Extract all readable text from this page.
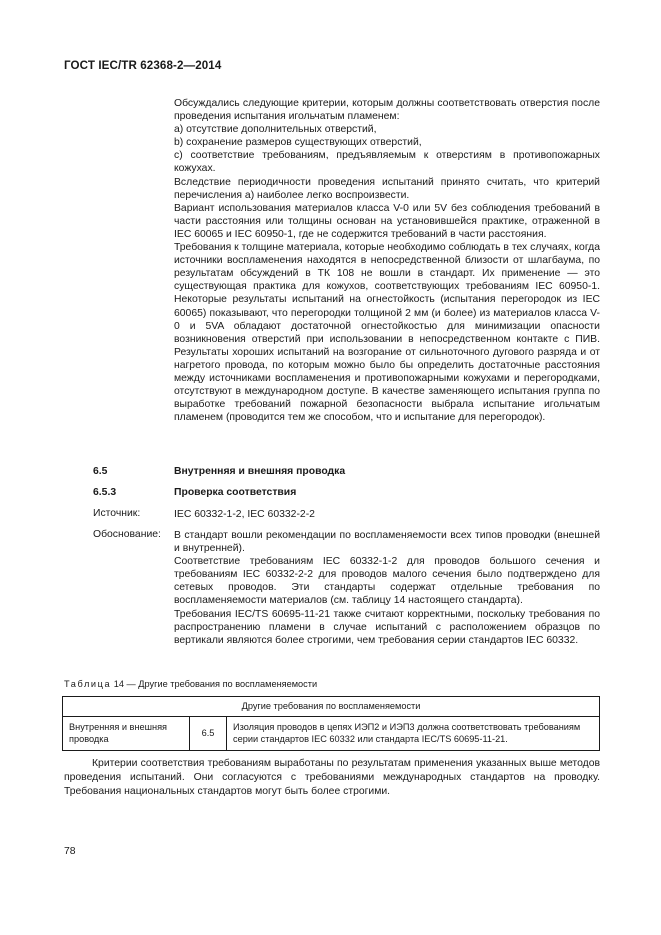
ГОСТ IEC/TR 62368-2—2014

Обсуждались следующие критерии, которым должны соответствовать отверстия после проведения испытания игольчатым пламенем:

a) отсутствие дополнительных отверстий,

b) сохранение размеров существующих отверстий,

c) соответствие требованиям, предъявляемым к отверстиям в противопожарных кожухах.

Вследствие периодичности проведения испытаний принято считать, что критерий перечисления a) наиболее легко воспроизвести.

Вариант использования материалов класса V-0 или 5V без соблюдения требований в части расстояния или толщины основан на установившейся практике, отраженной в IEC 60065 и IEC 60950-1, где не содержится требований в части расстояния.

Требования к толщине материала, которые необходимо соблюдать в тех случаях, когда источники воспламенения находятся в непосредственной близости от шлагбаума, по результатам обсуждений в ТК 108 не вошли в стандарт. Их применение — это существующая практика для кожухов, соответствующих требованиям IEC 60950-1. Некоторые результаты испытаний на огнестойкость (испытания перегородок из IEC 60065) показывают, что перегородки толщиной 2 мм (и более) из материалов класса V-0 и 5VA обладают достаточной огнестойкостью для минимизации опасности возникновения отверстий при использовании в непосредственном контакте с ПИВ. Результаты хороших испытаний на возгорание от сильноточного дугового разряда и от нагретого провода, по которым можно было бы определить достаточные расстояния между источниками воспламенения и противопожарными кожухами и перегородками, отсутствуют в международном доступе. В качестве заменяющего испытания группа по выработке требований пожарной безопасности выбрала испытание игольчатым пламенем (проводится тем же способом, что и испытание для перегородок).

6.5	Внутренняя и внешняя проводка
6.5.3	Проверка соответствия
Источник:	IEC 60332-1-2, IEC 60332-2-2
Обоснование: В стандарт вошли рекомендации по воспламеняемости всех типов проводки (внешней и внутренней).

Соответствие требованиям IEC 60332-1-2 для проводов большого сечения и требованиям IEC 60332-2-2 для проводов малого сечения было подтверждено для сетевых проводов. Эти стандарты содержат отдельные требования по воспламеняемости материалов (см. таблицу 14 настоящего стандарта).

Требования IEC/TS 60695-11-21 также считают корректными, поскольку требования по распространению пламени в случае испытаний с расположением образцов по вертикали являются более строгими, чем требования серии стандартов IEC 60332.

Таблица 14 — Другие требования по воспламеняемости
Другие требования по воспламеняемости
Внутренняя и внешняя проводка	6.5	Изоляция проводов в цепях ИЭП2 и ИЭП3 должна соответствовать требованиям серии стандартов IEC 60332 или стандарта IEC/TS 60695-11-21.

Критерии соответствия требованиям выработаны по результатам применения указанных выше методов проведения испытаний. Они согласуются с требованиями международных стандартов на проводку. Требования национальных стандартов могут быть более строгими.

78
